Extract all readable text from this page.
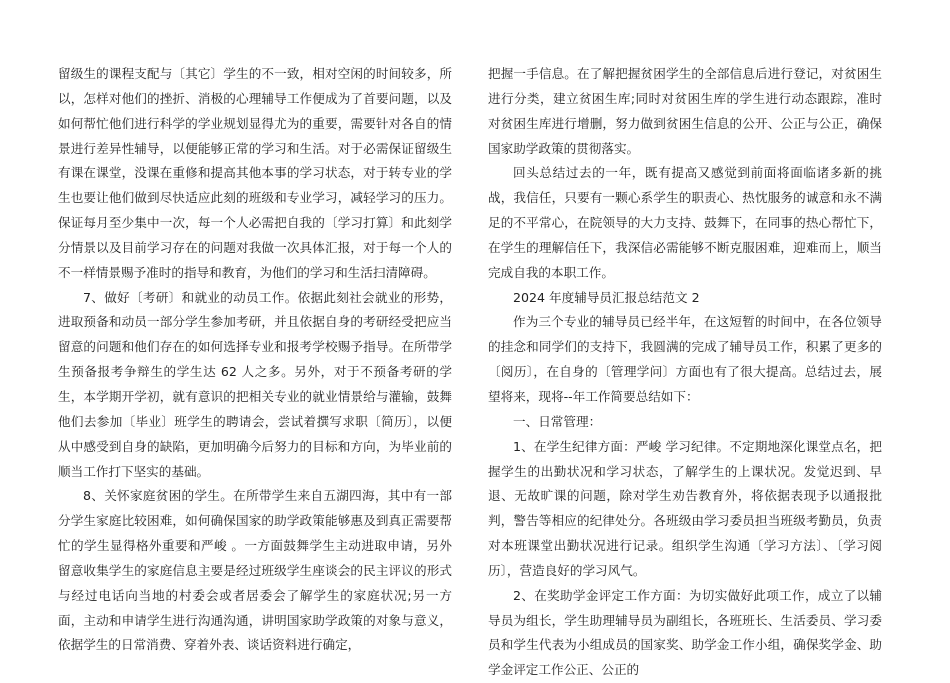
留级生的课程支配与〔其它〕学生的不一致，相对空闲的时间较多，所以，怎样对他们的挫折、消极的心理辅导工作便成为了首要问题，以及如何帮忙他们进行科学的学业规划显得尤为的重要，需要针对各自的情景进行差异性辅导，以便能够正常的学习和生活。对于必需保证留级生有课在课堂，没课在重修和提高其他本事的学习状态，对于转专业的学生也要让他们做到尽快适应此刻的班级和专业学习，减轻学习的压力。保证每月至少集中一次，每一个人必需把自我的〔学习打算〕和此刻学分情景以及目前学习存在的问题对我做一次具体汇报，对于每一个人的不一样情景赐予准时的指导和教育，为他们的学习和生活扫清障碍。

7、做好〔考研〕和就业的动员工作。依据此刻社会就业的形势，进取预备和动员一部分学生参加考研，并且依据自身的考研经受把应当留意的问题和他们存在的如何选择专业和报考学校赐予指导。在所带学生预备报考争辩生的学生达 62 人之多。另外，对于不预备考研的学生，本学期开学初，就有意识的把相关专业的就业情景给与灌输，鼓舞他们去参加〔毕业〕班学生的聘请会，尝试着撰写求职〔简历〕，以便从中感受到自身的缺陷，更加明确今后努力的目标和方向，为毕业前的顺当工作打下坚实的基础。

8、关怀家庭贫困的学生。在所带学生来自五湖四海，其中有一部分学生家庭比较困难，如何确保国家的助学政策能够惠及到真正需要帮忙的学生显得格外重要和严峻 。一方面鼓舞学生主动进取申请，另外留意收集学生的家庭信息主要是经过班级学生座谈会的民主评议的形式与经过电话向当地的村委会或者居委会了解学生的家庭状况;另一方面，主动和申请学生进行沟通沟通，讲明国家助学政策的对象与意义，依据学生的日常消费、穿着外表、谈话资料进行确定，

把握一手信息。在了解把握贫困学生的全部信息后进行登记，对贫困生进行分类，建立贫困生库;同时对贫困生库的学生进行动态跟踪，准时对贫困生库进行增删，努力做到贫困生信息的公开、公正与公正，确保国家助学政策的贯彻落实。

回头总结过去的一年，既有提高又感觉到前面将面临诸多新的挑战，我信任，只要有一颗心系学生的职责心、热忱服务的诚意和永不满足的不平常心，在院领导的大力支持、鼓舞下，在同事的热心帮忙下，在学生的理解信任下，我深信必需能够不断克服困难，迎难而上，顺当完成自我的本职工作。

2024 年度辅导员汇报总结范文 2

作为三个专业的辅导员已经半年，在这短暂的时间中，在各位领导的挂念和同学们的支持下，我圆满的完成了辅导员工作，积累了更多的〔阅历〕，在自身的〔管理学问〕方面也有了很大提高。总结过去，展望将来，现将--年工作简要总结如下：

一、日常管理：

1、在学生纪律方面：严峻 学习纪律。不定期地深化课堂点名，把握学生的出勤状况和学习状态，了解学生的上课状况。发觉迟到、早退、无故旷课的问题，除对学生劝告教育外，将依据表现予以通报批判，警告等相应的纪律处分。各班级由学习委员担当班级考勤员，负责对本班课堂出勤状况进行记录。组织学生沟通〔学习方法〕、〔学习阅历〕，营造良好的学习风气。

2、在奖助学金评定工作方面：为切实做好此项工作，成立了以辅导员为组长，学生助理辅导员为副组长，各班班长、生活委员、学习委员和学生代表为小组成员的国家奖、助学金工作小组，确保奖学金、助学金评定工作公正、公正的
